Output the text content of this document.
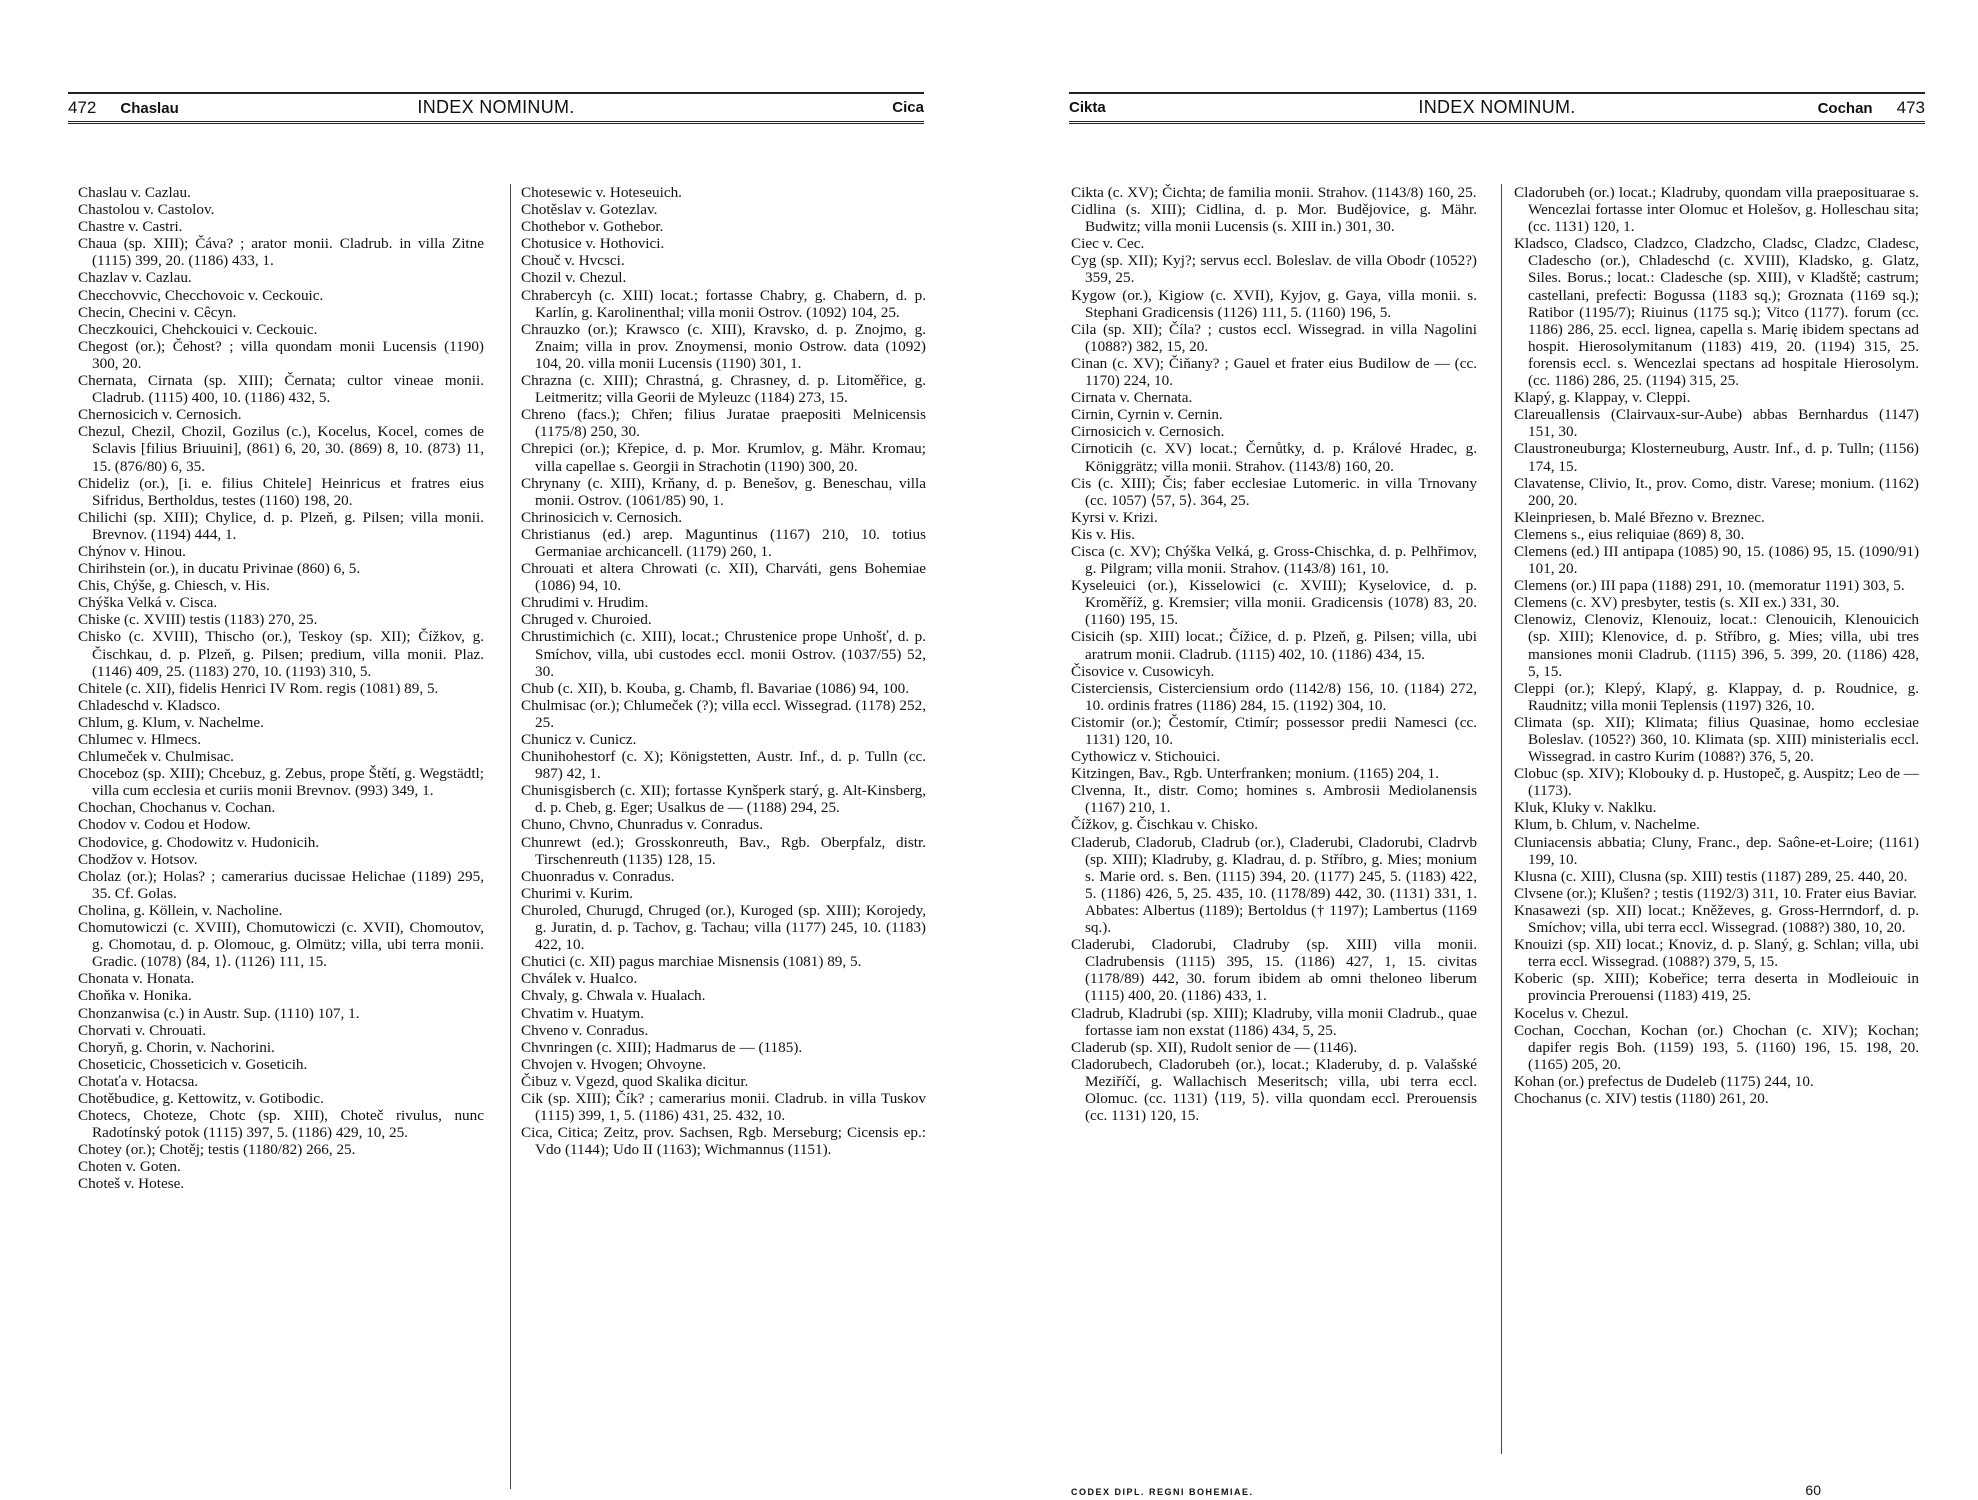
472 Chaslau	INDEX NOMINUM.	Cica

Chaslau v. Cazlau.

Chastolou v. Castolov.

Chastre v. Castri.

Chaua (sp. XIII); Čáva? ; arator monii. Cladrub. in villa Zitne (1115) 399, 20. (1186) 433, 1.

Chazlav v. Cazlau.

Checchovvic, Checchovoic v. Ceckouic.

Checin, Checini v. Cêcyn.

Checzkouici, Chehckouici v. Ceckouic.

Chegost (or.); Čehost? ; villa quondam monii Lucensis (1190) 300, 20.

Chernata, Cirnata (sp. XIII); Černata; cultor vineae monii. Cladrub. (1115) 400, 10. (1186) 432, 5.

Chernosicich v. Cernosich.

Chezul, Chezil, Chozil, Gozilus (c.), Kocelus, Kocel, comes de Sclavis [filius Briuuini], (861) 6, 20, 30. (869) 8, 10. (873) 11, 15. (876/80) 6, 35.

Chideliz (or.), [i. e. filius Chitele] Heinricus et fratres eius Sifridus, Bertholdus, testes (1160) 198, 20.

Chilichi (sp. XIII); Chylice, d. p. Plzeň, g. Pilsen; villa monii. Brevnov. (1194) 444, 1.

Chýnov v. Hinou.

Chirihstein (or.), in ducatu Privinae (860) 6, 5.

Chis, Chýše, g. Chiesch, v. His.

Chýška Velká v. Cisca.

Chiske (c. XVIII) testis (1183) 270, 25.

Chisko (c. XVIII), Thischo (or.), Teskoy (sp. XII); Čížkov, g. Čischkau, d. p. Plzeň, g. Pilsen; predium, villa monii. Plaz. (1146) 409, 25. (1183) 270, 10. (1193) 310, 5.

Chitele (c. XII), fidelis Henrici IV Rom. regis (1081) 89, 5.

Chladeschd v. Kladsco.

Chlum, g. Klum, v. Nachelme.

Chlumec v. Hlmecs.

Chlumeček v. Chulmisac.

Choceboz (sp. XIII); Chcebuz, g. Zebus, prope Štětí, g. Wegstädtl; villa cum ecclesia et curiis monii Brevnov. (993) 349, 1.

Chochan, Chochanus v. Cochan.

Chodov v. Codou et Hodow.

Chodovice, g. Chodowitz v. Hudonicih.

Chodžov v. Hotsov.

Cholaz (or.); Holas? ; camerarius ducissae Helichae (1189) 295, 35. Cf. Golas.

Cholina, g. Köllein, v. Nacholine.

Chomutowiczi (c. XVIII), Chomutowiczi (c. XVII), Chomoutov, g. Chomotau, d. p. Olomouc, g. Olmütz; villa, ubi terra monii. Gradic. (1078) ⟨84, 1⟩. (1126) 111, 15.

Chonata v. Honata.

Choňka v. Honika.

Chonzanwisa (c.) in Austr. Sup. (1110) 107, 1.

Chorvati v. Chrouati.

Choryň, g. Chorin, v. Nachorini.

Choseticic, Chosseticich v. Goseticih.

Chotaťa v. Hotacsa.

Chotěbudice, g. Kettowitz, v. Gotibodic.

Chotecs, Choteze, Chotc (sp. XIII), Choteč rivulus, nunc Radotínský potok (1115) 397, 5. (1186) 429, 10, 25.

Chotey (or.); Chotěj; testis (1180/82) 266, 25.

Choten v. Goten.

Choteš v. Hotese.

Chotesewic v. Hoteseuich.

Chotěslav v. Gotezlav.

Chothebor v. Gothebor.

Chotusice v. Hothovici.

Chouč v. Hvcsci.

Chozil v. Chezul.

Chrabercyh (c. XIII) locat.; fortasse Chabry, g. Chabern, d. p. Karlín, g. Karolinenthal; villa monii Ostrov. (1092) 104, 25.

Chrauzko (or.); Krawsco (c. XIII), Kravsko, d. p. Znojmo, g. Znaim; villa in prov. Znoymensi, monio Ostrow. data (1092) 104, 20. villa monii Lucensis (1190) 301, 1.

Chrazna (c. XIII); Chrastná, g. Chrasney, d. p. Litoměřice, g. Leitmeritz; villa Georii de Myleuzc (1184) 273, 15.

Chreno (facs.); Chřen; filius Juratae praepositi Melnicensis (1175/8) 250, 30.

Chrepici (or.); Křepice, d. p. Mor. Krumlov, g. Mähr. Kromau; villa capellae s. Georgii in Strachotin (1190) 300, 20.

Chrynany (c. XIII), Krňany, d. p. Benešov, g. Beneschau, villa monii. Ostrov. (1061/85) 90, 1.

Chrinosicich v. Cernosich.

Christianus (ed.) arep. Maguntinus (1167) 210, 10. totius Germaniae archicancell. (1179) 260, 1.

Chrouati et altera Chrowati (c. XII), Charváti, gens Bohemiae (1086) 94, 10.

Chrudimi v. Hrudim.

Chruged v. Churoied.

Chrustimichich (c. XIII), locat.; Chrustenice prope Unhošť, d. p. Smíchov, villa, ubi custodes eccl. monii Ostrov. (1037/55) 52, 30.

Chub (c. XII), b. Kouba, g. Chamb, fl. Bavariae (1086) 94, 100.

Chulmisac (or.); Chlumeček (?); villa eccl. Wissegrad. (1178) 252, 25.

Chunicz v. Cunicz.

Chunihohestorf (c. X); Königstetten, Austr. Inf., d. p. Tulln (cc. 987) 42, 1.

Chunisgisberch (c. XII); fortasse Kynšperk starý, g. Alt-Kinsberg, d. p. Cheb, g. Eger; Usalkus de — (1188) 294, 25.

Chuno, Chvno, Chunradus v. Conradus.

Chunrewt (ed.); Grosskonreuth, Bav., Rgb. Oberpfalz, distr. Tirschenreuth (1135) 128, 15.

Chuonradus v. Conradus.

Churimi v. Kurim.

Churoled, Churugd, Chruged (or.), Kuroged (sp. XIII); Korojedy, g. Juratin, d. p. Tachov, g. Tachau; villa (1177) 245, 10. (1183) 422, 10.

Chutici (c. XII) pagus marchiae Misnensis (1081) 89, 5.

Chválek v. Hualco.

Chvaly, g. Chwala v. Hualach.

Chvatim v. Huatym.

Chveno v. Conradus.

Chvnringen (c. XIII); Hadmarus de — (1185).

Chvojen v. Hvogen; Ohvoyne.

Čibuz v. Vgezd, quod Skalika dicitur.

Cik (sp. XIII); Čík? ; camerarius monii. Cladrub. in villa Tuskov (1115) 399, 1, 5. (1186) 431, 25. 432, 10.

Cica, Citica; Zeitz, prov. Sachsen, Rgb. Merseburg; Cicensis ep.: Vdo (1144); Udo II (1163); Wichmannus (1151).

Cikta	INDEX NOMINUM.	Cochan 473

Cikta (c. XV); Čichta; de familia monii. Strahov. (1143/8) 160, 25.

Cidlina (s. XIII); Cidlina, d. p. Mor. Budějovice, g. Mähr. Budwitz; villa monii Lucensis (s. XIII in.) 301, 30.

Ciec v. Cec.

Cyg (sp. XII); Kyj?; servus eccl. Boleslav. de villa Obodr (1052?) 359, 25.

Kygow (or.), Kigiow (c. XVII), Kyjov, g. Gaya, villa monii. s. Stephani Gradicensis (1126) 111, 5. (1160) 196, 5.

Cila (sp. XII); Číla? ; custos eccl. Wissegrad. in villa Nagolini (1088?) 382, 15, 20.

Cinan (c. XV); Čiňany? ; Gauel et frater eius Budilow de — (cc. 1170) 224, 10.

Cirnata v. Chernata.

Cirnin, Cyrnin v. Cernin.

Cirnosicich v. Cernosich.

Cirnoticih (c. XV) locat.; Černůtky, d. p. Králové Hradec, g. Königgrätz; villa monii. Strahov. (1143/8) 160, 20.

Cis (c. XIII); Čis; faber ecclesiae Lutomeric. in villa Trnovany (cc. 1057) ⟨57, 5⟩. 364, 25.

Kyrsi v. Krizi.

Kis v. His.

Cisca (c. XV); Chýška Velká, g. Gross-Chischka, d. p. Pelhřimov, g. Pilgram; villa monii. Strahov. (1143/8) 161, 10.

Kyseleuici (or.), Kisselowici (c. XVIII); Kyselovice, d. p. Kroměříž, g. Kremsier; villa monii. Gradicensis (1078) 83, 20. (1160) 195, 15.

Cisicih (sp. XIII) locat.; Čížice, d. p. Plzeň, g. Pilsen; villa, ubi aratrum monii. Cladrub. (1115) 402, 10. (1186) 434, 15.

Čisovice v. Cusowicyh.

Cisterciensis, Cisterciensium ordo (1142/8) 156, 10. (1184) 272, 10. ordinis fratres (1186) 284, 15. (1192) 304, 10.

Cistomir (or.); Čestomír, Ctimír; possessor predii Namesci (cc. 1131) 120, 10.

Cythowicz v. Stichouici.

Kitzingen, Bav., Rgb. Unterfranken; monium. (1165) 204, 1.

Clvenna, It., distr. Como; homines s. Ambrosii Mediolanensis (1167) 210, 1.

Čížkov, g. Čischkau v. Chisko.

Claderub, Cladorub, Cladrub (or.), Claderubi, Cladorubi, Cladrvb (sp. XIII); Kladruby, g. Kladrau, d. p. Stříbro, g. Mies; monium s. Marie ord. s. Ben. (1115) 394, 20. (1177) 245, 5. (1183) 422, 5. (1186) 426, 5, 25. 435, 10. (1178/89) 442, 30. (1131) 331, 1. Abbates: Albertus (1189); Bertoldus († 1197); Lambertus (1169 sq.).

Claderubi, Cladorubi, Cladruby (sp. XIII) villa monii. Cladrubensis (1115) 395, 15. (1186) 427, 1, 15. civitas (1178/89) 442, 30. forum ibidem ab omni theloneo liberum (1115) 400, 20. (1186) 433, 1.

Cladrub, Kladrubi (sp. XIII); Kladruby, villa monii Cladrub., quae fortasse iam non exstat (1186) 434, 5, 25.

Claderub (sp. XII), Rudolt senior de — (1146).

Cladorubech, Cladorubeh (or.), locat.; Kladeruby, d. p. Valašské Meziříčí, g. Wallachisch Meseritsch; villa, ubi terra eccl. Olomuc. (cc. 1131) ⟨119, 5⟩. villa quondam eccl. Prerouensis (cc. 1131) 120, 15.

Cladorubeh (or.) locat.; Kladruby, quondam villa praeposituarae s. Wencezlai fortasse inter Olomuc et Holešov, g. Holleschau sita; (cc. 1131) 120, 1.

Kladsco, Cladsco, Cladzco, Cladzcho, Cladsc, Cladzc, Cladesc, Cladescho (or.), Chladeschd (c. XVIII), Kladsko, g. Glatz, Siles. Borus.; locat.: Cladesche (sp. XIII), v Kladště; castrum; castellani, prefecti: Bogussa (1183 sq.); Groznata (1169 sq.); Ratibor (1195/7); Riuinus (1175 sq.); Vitco (1177). forum (cc. 1186) 286, 25. eccl. lignea, capella s. Marię ibidem spectans ad hospit. Hierosolymitanum (1183) 419, 20. (1194) 315, 25. forensis eccl. s. Wencezlai spectans ad hospitale Hierosolym. (cc. 1186) 286, 25. (1194) 315, 25.

Klapý, g. Klappay, v. Cleppi.

Clareuallensis (Clairvaux-sur-Aube) abbas Bernhardus (1147) 151, 30.

Claustroneuburga; Klosterneuburg, Austr. Inf., d. p. Tulln; (1156) 174, 15.

Clavatense, Clivio, It., prov. Como, distr. Varese; monium. (1162) 200, 20.

Kleinpriesen, b. Malé Březno v. Breznec.

Clemens s., eius reliquiae (869) 8, 30.

Clemens (ed.) III antipapa (1085) 90, 15. (1086) 95, 15. (1090/91) 101, 20.

Clemens (or.) III papa (1188) 291, 10. (memoratur 1191) 303, 5.

Clemens (c. XV) presbyter, testis (s. XII ex.) 331, 30.

Clenowiz, Clenoviz, Klenouiz, locat.: Clenouicih, Klenouicich (sp. XIII); Klenovice, d. p. Stříbro, g. Mies; villa, ubi tres mansiones monii Cladrub. (1115) 396, 5. 399, 20. (1186) 428, 5, 15.

Cleppi (or.); Klepý, Klapý, g. Klappay, d. p. Roudnice, g. Raudnitz; villa monii Teplensis (1197) 326, 10.

Climata (sp. XII); Klimata; filius Quasinae, homo ecclesiae Boleslav. (1052?) 360, 10. Klimata (sp. XIII) ministerialis eccl. Wissegrad. in castro Kurim (1088?) 376, 5, 20.

Clobuc (sp. XIV); Klobouky d. p. Hustopeč, g. Auspitz; Leo de — (1173).

Kluk, Kluky v. Naklku.

Klum, b. Chlum, v. Nachelme.

Cluniacensis abbatia; Cluny, Franc., dep. Saône-et-Loire; (1161) 199, 10.

Klusna (c. XIII), Clusna (sp. XIII) testis (1187) 289, 25. 440, 20.

Clvsene (or.); Klušen? ; testis (1192/3) 311, 10. Frater eius Baviar.

Knasawezi (sp. XII) locat.; Kněževes, g. Gross-Herrndorf, d. p. Smíchov; villa, ubi terra eccl. Wissegrad. (1088?) 380, 10, 20.

Knouizi (sp. XII) locat.; Knoviz, d. p. Slaný, g. Schlan; villa, ubi terra eccl. Wissegrad. (1088?) 379, 5, 15.

Koberic (sp. XIII); Kobeřice; terra deserta in Modleiouic in provincia Prerouensi (1183) 419, 25.

Kocelus v. Chezul.

Cochan, Cocchan, Kochan (or.) Chochan (c. XIV); Kochan; dapifer regis Boh. (1159) 193, 5. (1160) 196, 15. 198, 20. (1165) 205, 20.

Kohan (or.) prefectus de Dudeleb (1175) 244, 10.

Chochanus (c. XIV) testis (1180) 261, 20.

CODEX DIPL. REGNI BOHEMIAE.	60
